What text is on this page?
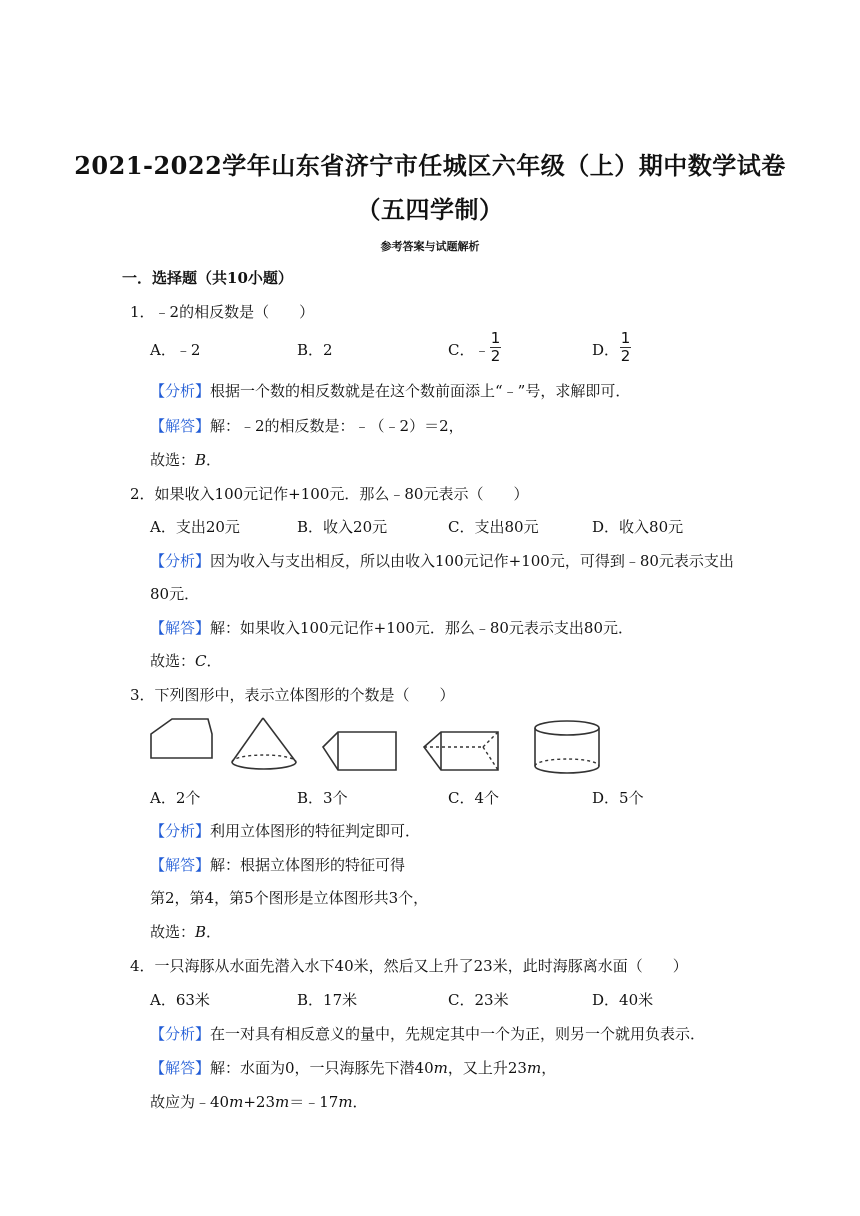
2021-2022学年山东省济宁市任城区六年级（上）期中数学试卷
（五四学制）
参考答案与试题解析
一．选择题（共10小题）
1．﹣2的相反数是（　　）
A．﹣2	B．2	C．﹣
1
2	D．
1
2
【分析】根据一个数的相反数就是在这个数前面添上“﹣”号，求解即可．
【解答】解：﹣2的相反数是：﹣（﹣2）＝2，
故选：B．
2．如果收入100元记作+100元．那么﹣80元表示（　　）
A．支出20元	B．收入20元	C．支出80元	D．收入80元
【分析】因为收入与支出相反，所以由收入100元记作+100元，可得到﹣80元表示支出
80元．
【解答】解：如果收入100元记作+100元．那么﹣80元表示支出80元．
故选：C．
3．下列图形中，表示立体图形的个数是（　　）
A．2个	B．3个	C．4个	D．5个
【分析】利用立体图形的特征判定即可．
【解答】解：根据立体图形的特征可得
第2，第4，第5个图形是立体图形共3个，
故选：B．
4．一只海豚从水面先潜入水下40米，然后又上升了23米，此时海豚离水面（　　）
A．63米	B．17米	C．23米	D．40米
【分析】在一对具有相反意义的量中，先规定其中一个为正，则另一个就用负表示．
【解答】解：水面为0，一只海豚先下潜40m，又上升23m，
故应为﹣40m+23m＝﹣17m．
